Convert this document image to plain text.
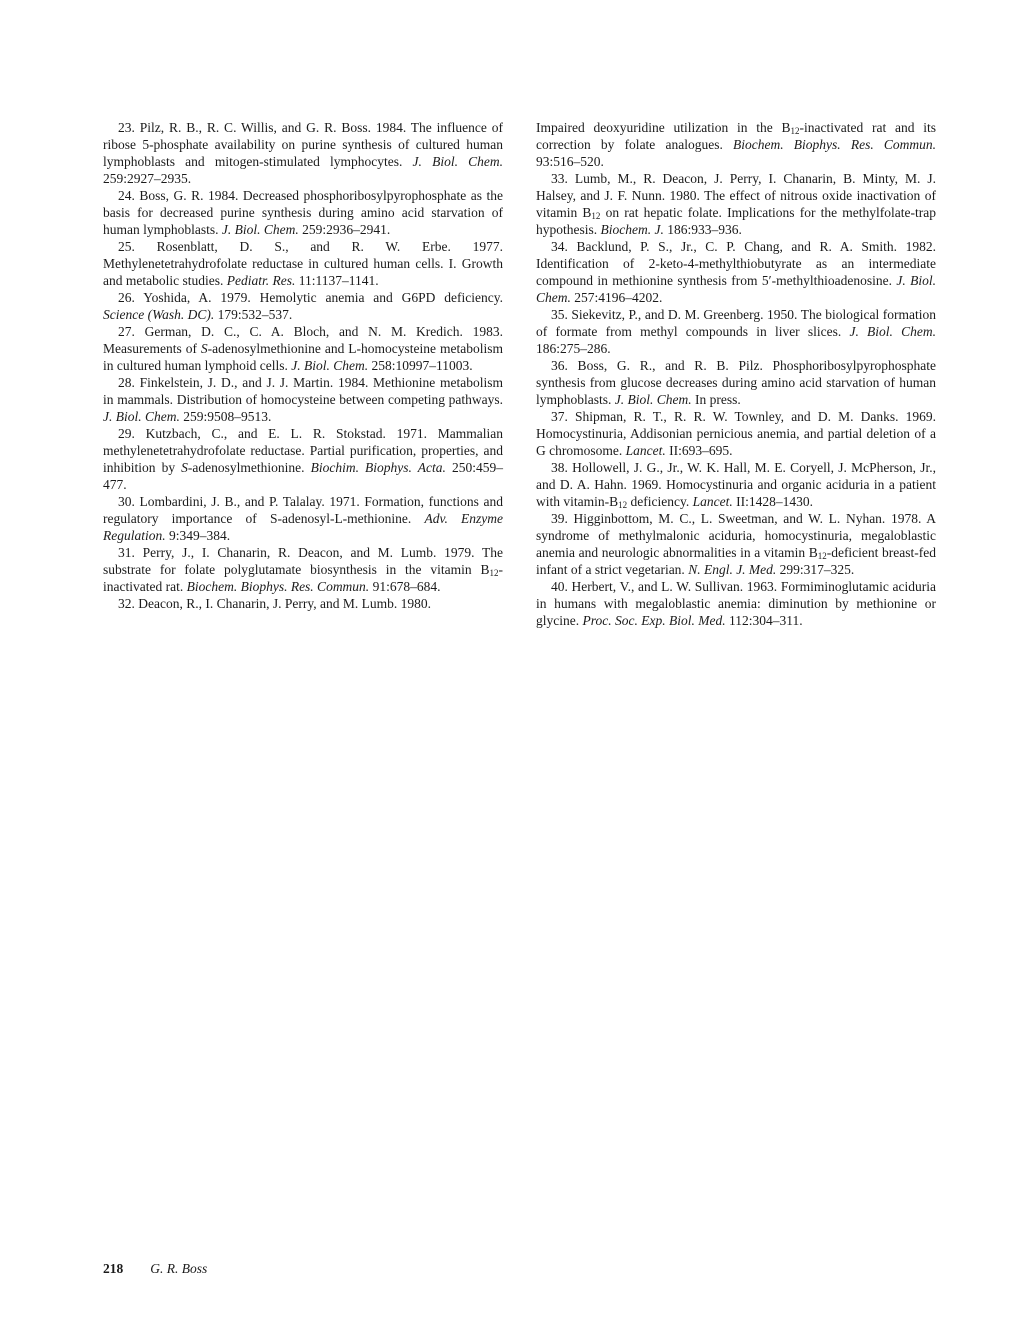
23. Pilz, R. B., R. C. Willis, and G. R. Boss. 1984. The influence of ribose 5-phosphate availability on purine synthesis of cultured human lymphoblasts and mitogen-stimulated lymphocytes. J. Biol. Chem. 259:2927–2935.

24. Boss, G. R. 1984. Decreased phosphoribosylpyrophosphate as the basis for decreased purine synthesis during amino acid starvation of human lymphoblasts. J. Biol. Chem. 259:2936–2941.

25. Rosenblatt, D. S., and R. W. Erbe. 1977. Methylenetetrahydrofolate reductase in cultured human cells. I. Growth and metabolic studies. Pediatr. Res. 11:1137–1141.

26. Yoshida, A. 1979. Hemolytic anemia and G6PD deficiency. Science (Wash. DC). 179:532–537.

27. German, D. C., C. A. Bloch, and N. M. Kredich. 1983. Measurements of S-adenosylmethionine and L-homocysteine metabolism in cultured human lymphoid cells. J. Biol. Chem. 258:10997–11003.

28. Finkelstein, J. D., and J. J. Martin. 1984. Methionine metabolism in mammals. Distribution of homocysteine between competing pathways. J. Biol. Chem. 259:9508–9513.

29. Kutzbach, C., and E. L. R. Stokstad. 1971. Mammalian methylenetetrahydrofolate reductase. Partial purification, properties, and inhibition by S-adenosylmethionine. Biochim. Biophys. Acta. 250:459–477.

30. Lombardini, J. B., and P. Talalay. 1971. Formation, functions and regulatory importance of S-adenosyl-L-methionine. Adv. Enzyme Regulation. 9:349–384.

31. Perry, J., I. Chanarin, R. Deacon, and M. Lumb. 1979. The substrate for folate polyglutamate biosynthesis in the vitamin $B_{12}$-inactivated rat. Biochem. Biophys. Res. Commun. 91:678–684.

32. Deacon, R., I. Chanarin, J. Perry, and M. Lumb. 1980.

Impaired deoxyuridine utilization in the $B_{12}$-inactivated rat and its correction by folate analogues. Biochem. Biophys. Res. Commun. 93:516–520.

33. Lumb, M., R. Deacon, J. Perry, I. Chanarin, B. Minty, M. J. Halsey, and J. F. Nunn. 1980. The effect of nitrous oxide inactivation of vitamin $B_{12}$ on rat hepatic folate. Implications for the methylfolate-trap hypothesis. Biochem. J. 186:933–936.

34. Backlund, P. S., Jr., C. P. Chang, and R. A. Smith. 1982. Identification of 2-keto-4-methylthiobutyrate as an intermediate compound in methionine synthesis from 5′-methylthioadenosine. J. Biol. Chem. 257:4196–4202.

35. Siekevitz, P., and D. M. Greenberg. 1950. The biological formation of formate from methyl compounds in liver slices. J. Biol. Chem. 186:275–286.

36. Boss, G. R., and R. B. Pilz. Phosphoribosylpyrophosphate synthesis from glucose decreases during amino acid starvation of human lymphoblasts. J. Biol. Chem. In press.

37. Shipman, R. T., R. R. W. Townley, and D. M. Danks. 1969. Homocystinuria, Addisonian pernicious anemia, and partial deletion of a G chromosome. Lancet. II:693–695.

38. Hollowell, J. G., Jr., W. K. Hall, M. E. Coryell, J. McPherson, Jr., and D. A. Hahn. 1969. Homocystinuria and organic aciduria in a patient with vitamin-$B_{12}$ deficiency. Lancet. II:1428–1430.

39. Higginbottom, M. C., L. Sweetman, and W. L. Nyhan. 1978. A syndrome of methylmalonic aciduria, homocystinuria, megaloblastic anemia and neurologic abnormalities in a vitamin $B_{12}$-deficient breast-fed infant of a strict vegetarian. N. Engl. J. Med. 299:317–325.

40. Herbert, V., and L. W. Sullivan. 1963. Formiminoglutamic aciduria in humans with megaloblastic anemia: diminution by methionine or glycine. Proc. Soc. Exp. Biol. Med. 112:304–311.

218 G. R. Boss
